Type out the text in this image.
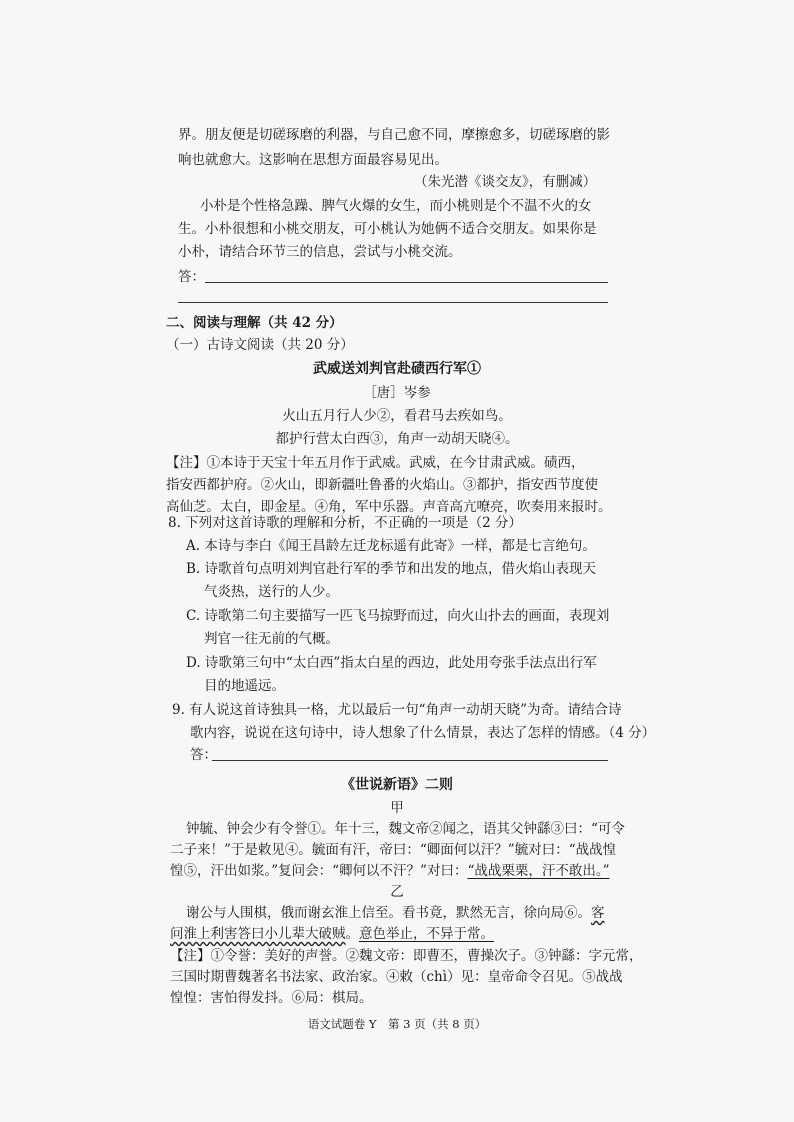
界。朋友便是切磋琢磨的利器，与自己愈不同，摩擦愈多，切磋琢磨的影
响也就愈大。这影响在思想方面最容易见出。
（朱光潜《谈交友》，有删减）
小朴是个性格急躁、脾气火爆的女生，而小桃则是个不温不火的女
生。小朴很想和小桃交朋友，可小桃认为她俩不适合交朋友。如果你是
小朴，请结合环节三的信息，尝试与小桃交流。
答：
二、阅读与理解（共 42 分）
（一）古诗文阅读（共 20 分）
武威送刘判官赴碛西行军①
［唐］岑参
火山五月行人少②，看君马去疾如鸟。
都护行营太白西③，角声一动胡天晓④。
【注】①本诗于天宝十年五月作于武威。武威，在今甘肃武威。碛西，
指安西都护府。②火山，即新疆吐鲁番的火焰山。③都护，指安西节度使
高仙芝。太白，即金星。④角，军中乐器。声音高亢嘹亮，吹奏用来报时。
8. 下列对这首诗歌的理解和分析，不正确的一项是（2 分）
A. 本诗与李白《闻王昌龄左迁龙标遥有此寄》一样，都是七言绝句。
B. 诗歌首句点明刘判官赴行军的季节和出发的地点，借火焰山表现天
气炎热，送行的人少。
C. 诗歌第二句主要描写一匹飞马掠野而过，向火山扑去的画面，表现刘
判官一往无前的气概。
D. 诗歌第三句中“太白西”指太白星的西边，此处用夸张手法点出行军
目的地遥远。
9. 有人说这首诗独具一格，尤以最后一句“角声一动胡天晓”为奇。请结合诗
歌内容，说说在这句诗中，诗人想象了什么情景，表达了怎样的情感。（4 分）
答：
《世说新语》二则
甲
钟毓、钟会少有令誉①。年十三，魏文帝②闻之，语其父钟繇③曰：“可令
二子来！”于是敕见④。毓面有汗，帝曰：“卿面何以汗？”毓对曰：“战战惶
惶⑤，汗出如浆。”复问会：“卿何以不汗？”对曰：“战战栗栗，汗不敢出。”
乙
谢公与人围棋，俄而谢玄淮上信至。看书竟，默然无言，徐向局⑥。客
问淮上利害答曰小儿辈大破贼。意色举止，不异于常。
【注】①令誉：美好的声誉。②魏文帝：即曹丕，曹操次子。③钟繇：字元常，
三国时期曹魏著名书法家、政治家。④敕（chì）见：皇帝命令召见。⑤战战
惶惶：害怕得发抖。⑥局：棋局。
语文试题卷 Y　第 3 页（共 8 页）
